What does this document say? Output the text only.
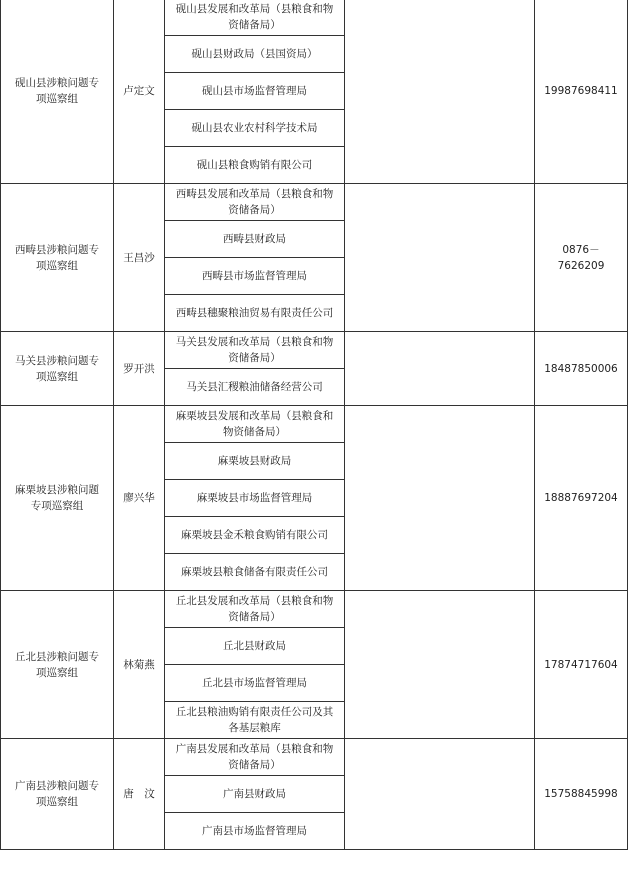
砚山县涉粮问题专项巡察组	卢定文	砚山县发展和改革局（县粮食和物资储备局）		19987698411
		砚山县财政局（县国资局）		
		砚山县市场监督管理局		
		砚山县农业农村科学技术局		
		砚山县粮食购销有限公司		
西畴县涉粮问题专项巡察组	王昌沙	西畴县发展和改革局（县粮食和物资储备局）		0876－7626209
		西畴县财政局		
		西畴县市场监督管理局		
		西畴县穗聚粮油贸易有限责任公司		
马关县涉粮问题专项巡察组	罗开洪	马关县发展和改革局（县粮食和物资储备局）		18487850006
		马关县汇稷粮油储备经营公司		
麻栗坡县涉粮问题专项巡察组	廖兴华	麻栗坡县发展和改革局（县粮食和物资储备局）		18887697204
		麻栗坡县财政局		
		麻栗坡县市场监督管理局		
		麻栗坡县金禾粮食购销有限公司		
		麻栗坡县粮食储备有限责任公司		
丘北县涉粮问题专项巡察组	林菊燕	丘北县发展和改革局（县粮食和物资储备局）		17874717604
		丘北县财政局		
		丘北县市场监督管理局		
		丘北县粮油购销有限责任公司及其各基层粮库		
广南县涉粮问题专项巡察组	唐　汶	广南县发展和改革局（县粮食和物资储备局）		15758845998
		广南县财政局		
		广南县市场监督管理局		
